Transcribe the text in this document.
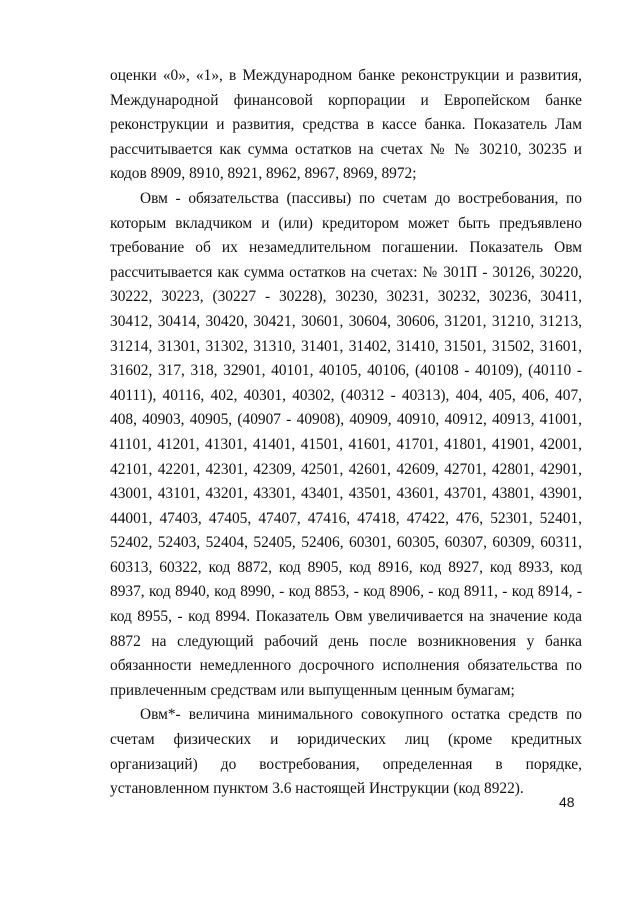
оценки «0», «1», в Международном банке реконструкции и развития, Международной финансовой корпорации и Европейском банке реконструкции и развития, средства в кассе банка. Показатель Лам рассчитывается как сумма остатков на счетах № № 30210, 30235 и кодов 8909, 8910, 8921, 8962, 8967, 8969, 8972;

Овм - обязательства (пассивы) по счетам до востребования, по которым вкладчиком и (или) кредитором может быть предъявлено требование об их незамедлительном погашении. Показатель Овм рассчитывается как сумма остатков на счетах: № 301П - 30126, 30220, 30222, 30223, (30227 - 30228), 30230, 30231, 30232, 30236, 30411, 30412, 30414, 30420, 30421, 30601, 30604, 30606, 31201, 31210, 31213, 31214, 31301, 31302, 31310, 31401, 31402, 31410, 31501, 31502, 31601, 31602, 317, 318, 32901, 40101, 40105, 40106, (40108 - 40109), (40110 - 40111), 40116, 402, 40301, 40302, (40312 - 40313), 404, 405, 406, 407, 408, 40903, 40905, (40907 - 40908), 40909, 40910, 40912, 40913, 41001, 41101, 41201, 41301, 41401, 41501, 41601, 41701, 41801, 41901, 42001, 42101, 42201, 42301, 42309, 42501, 42601, 42609, 42701, 42801, 42901, 43001, 43101, 43201, 43301, 43401, 43501, 43601, 43701, 43801, 43901, 44001, 47403, 47405, 47407, 47416, 47418, 47422, 476, 52301, 52401, 52402, 52403, 52404, 52405, 52406, 60301, 60305, 60307, 60309, 60311, 60313, 60322, код 8872, код 8905, код 8916, код 8927, код 8933, код 8937, код 8940, код 8990, - код 8853, - код 8906, - код 8911, - код 8914, - код 8955, - код 8994. Показатель Овм увеличивается на значение кода 8872 на следующий рабочий день после возникновения у банка обязанности немедленного досрочного исполнения обязательства по привлеченным средствам или выпущенным ценным бумагам;

Овм*- величина минимального совокупного остатка средств по счетам физических и юридических лиц (кроме кредитных организаций) до востребования, определенная в порядке, установленном пунктом 3.6 настоящей Инструкции (код 8922).

48
